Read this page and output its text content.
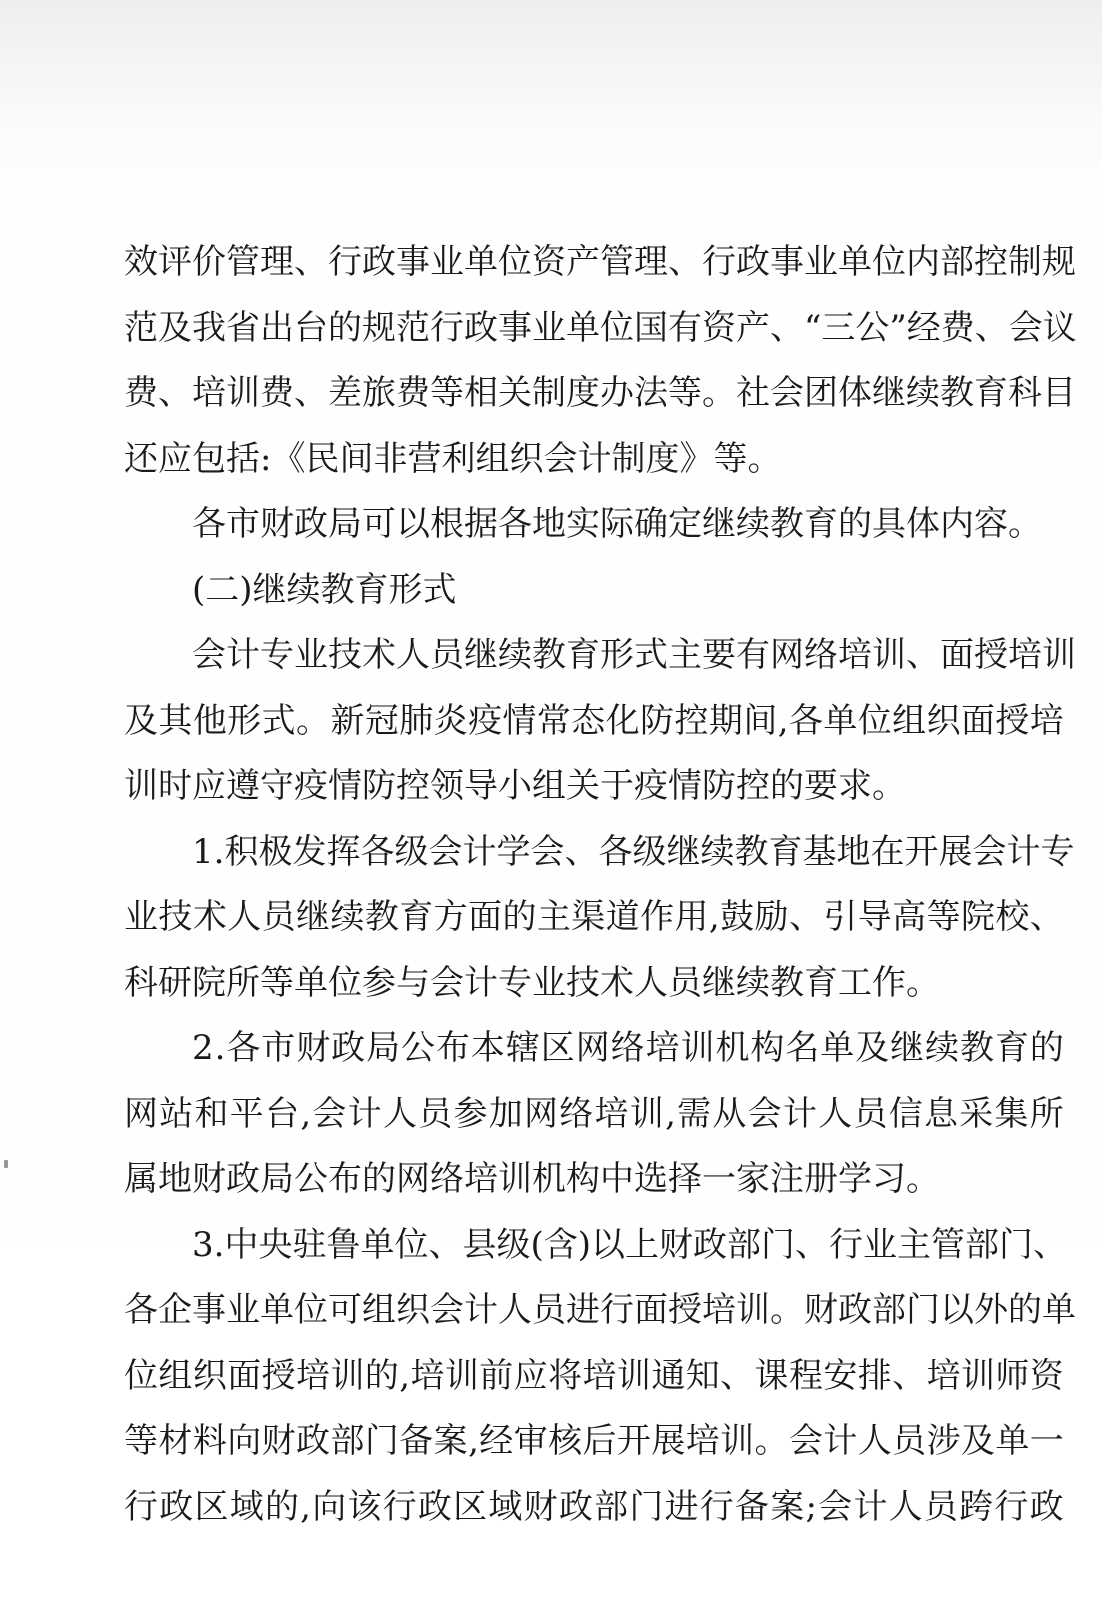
效 评 价 管 理 、 行 政 事 业 单 位 资 产 管 理 、 行 政 事 业 单 位 内 部 控 制 规
范 及 我 省 出 台 的 规 范 行 政 事 业 单 位 国 有 资 产 、 “ 三 公 ” 经 费 、 会 议
费 、 培 训 费 、 差 旅 费 等 相 关 制 度 办 法 等 。 社 会 团 体 继 续 教 育 科 目
还应包括:《民间非营利组织会计制度》等。
各市财政局可以根据各地实际确定继续教育的具体内容。
(二)继续教育形式
会 计 专 业 技 术 人 员 继 续 教 育 形 式 主 要 有 网 络 培 训 、 面 授 培 训
及 其 他 形 式 。 新 冠 肺 炎 疫 情 常 态 化 防 控 期 间 , 各 单 位 组 织 面 授 培
训时应遵守疫情防控领导小组关于疫情防控的要求。
1 . 积 极 发 挥 各 级 会 计 学 会 、 各 级 继 续 教 育 基 地 在 开 展 会 计 专
业 技 术 人 员 继 续 教 育 方 面 的 主 渠 道 作 用 , 鼓 励 、 引 导 高 等 院 校 、
科研院所等单位参与会计专业技术人员继续教育工作。
2 . 各 市 财 政 局 公 布 本 辖 区 网 络 培 训 机 构 名 单 及 继 续 教 育 的
网 站 和 平 台 , 会 计 人 员 参 加 网 络 培 训 , 需 从 会 计 人 员 信 息 采 集 所
属地财政局公布的网络培训机构中选择一家注册学习。
3 . 中 央 驻 鲁 单 位 、 县 级 ( 含 ) 以 上 财 政 部 门 、 行 业 主 管 部 门 、
各 企 事 业 单 位 可 组 织 会 计 人 员 进 行 面 授 培 训 。 财 政 部 门 以 外 的 单
位 组 织 面 授 培 训 的 , 培 训 前 应 将 培 训 通 知 、 课 程 安 排 、 培 训 师 资
等 材 料 向 财 政 部 门 备 案 , 经 审 核 后 开 展 培 训 。 会 计 人 员 涉 及 单 一
行 政 区 域 的 , 向 该 行 政 区 域 财 政 部 门 进 行 备 案 ; 会 计 人 员 跨 行 政
